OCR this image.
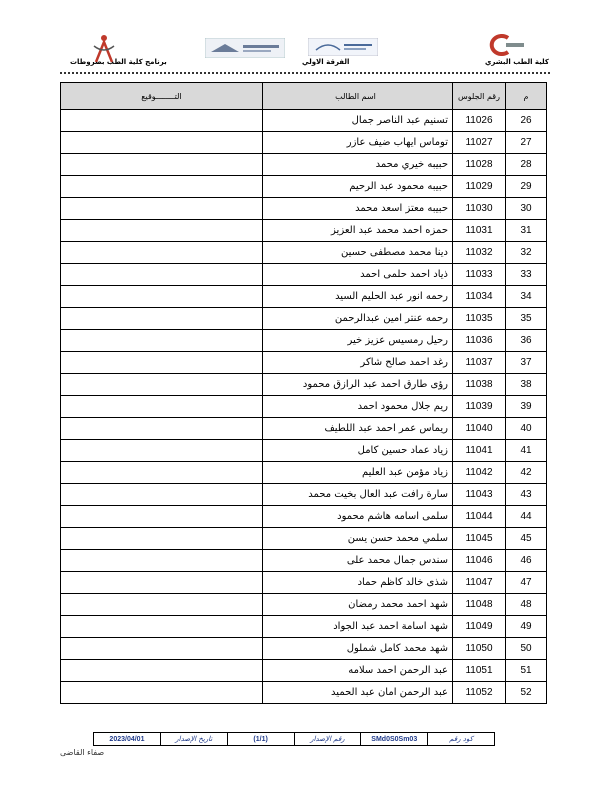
برنامج كلية الطب بصروطات	الفرقة الاولي	كلية الطب البشري
م	رقم الجلوس	اسم الطالب	التــــــــوقيع
26	11026	تسنيم عبد الناصر جمال	
27	11027	توماس ايهاب ضيف عازر	
28	11028	حبيبه خيري محمد	
29	11029	حبيبه محمود عبد الرحيم	
30	11030	حبيبه معتز اسعد محمد	
31	11031	حمزه احمد محمد عبد العزيز	
32	11032	دينا محمد مصطفى حسين	
33	11033	ذياد احمد حلمى احمد	
34	11034	رحمه انور عبد الحليم السيد	
35	11035	رحمه عنتر امين عبدالرحمن	
36	11036	رحيل رمسيس عزيز خير	
37	11037	رغد احمد صالح شاكر	
38	11038	رؤى طارق احمد عبد الرازق محمود	
39	11039	ريم جلال محمود احمد	
40	11040	ريماس عمر احمد عبد اللطيف	
41	11041	زياد عماد حسين كامل	
42	11042	زياد مؤمن عبد العليم	
43	11043	سارة رافت عبد العال بخيت محمد	
44	11044	سلمى اسامه هاشم محمود	
45	11045	سلمي محمد حسن يسن	
46	11046	سندس جمال محمد على	
47	11047	شذى خالد كاظم حماد	
48	11048	شهد احمد محمد رمضان	
49	11049	شهد اسامة احمد عبد الجواد	
50	11050	شهد محمد كامل شملول	
51	11051	عبد الرحمن احمد سلامه	
52	11052	عبد الرحمن امان عبد الحميد	
كود رقم
SMd0S0Sm03
رقم الإصدار
(1/1)
تاريخ الإصدار
2023/04/01
صفاء القاضى
